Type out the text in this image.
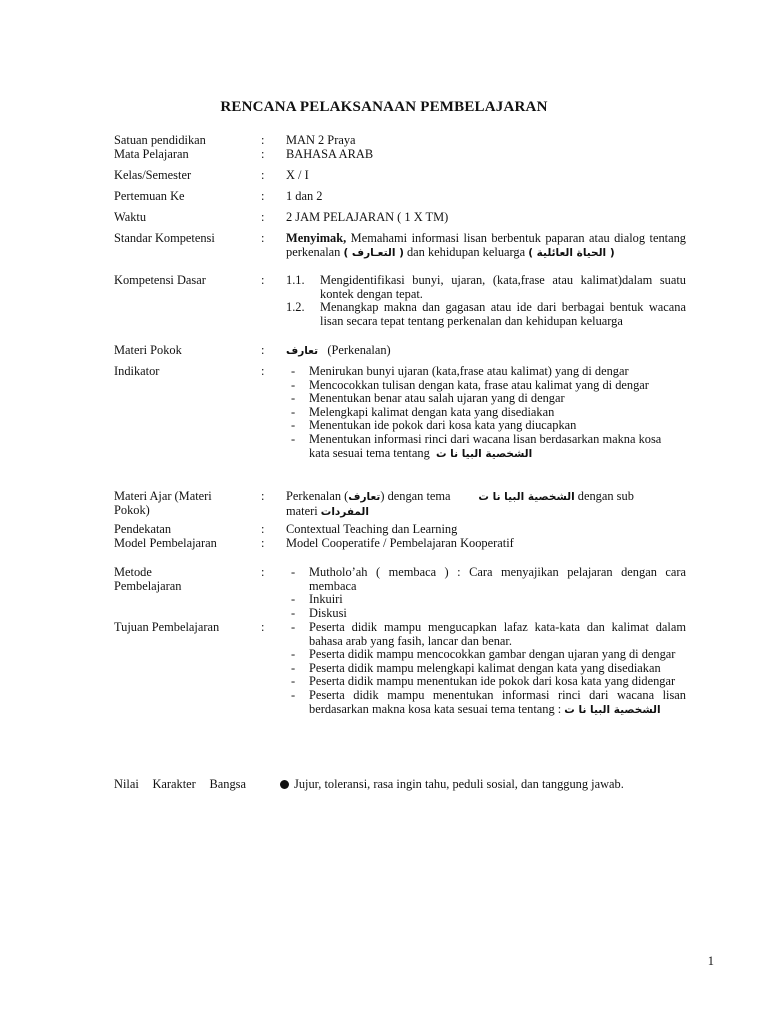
RENCANA PELAKSANAAN PEMBELAJARAN
Satuan pendidikan	: MAN 2 Praya
Mata Pelajaran	: BAHASA ARAB
Kelas/Semester	: X / I
Pertemuan Ke	: 1 dan 2
Waktu	: 2 JAM PELAJARAN ( 1 X TM)
Standar Kompetensi	: Menyimak, Memahami informasi lisan berbentuk paparan atau dialog tentang perkenalan ( التعـارف ) dan kehidupan keluarga ( الحياة العائلية )
Kompetensi Dasar	: 1.1. Mengidentifikasi bunyi, ujaran, (kata,frase atau kalimat)dalam suatu kontek dengan tepat.
1.2. Menangkap makna dan gagasan atau ide dari berbagai bentuk wacana lisan secara tepat tentang perkenalan dan kehidupan keluarga
Materi Pokok	: تعارف (Perkenalan)
Indikator	: - Menirukan bunyi ujaran (kata,frase atau kalimat) yang di dengar
- Mencocokkan tulisan dengan kata, frase atau kalimat yang di dengar
- Menentukan benar atau salah ujaran yang di dengar
- Melengkapi kalimat dengan kata yang disediakan
- Menentukan ide pokok dari kosa kata yang diucapkan
- Menentukan informasi rinci dari wacana lisan berdasarkan makna kosa kata sesuai tema tentang الشخصية البيا نا ت
Materi Ajar (Materi Pokok)
: Perkenalan (تعارف) dengan tema	الشخصية البيا نا ت dengan sub materi المفردات
Pendekatan	: Contextual Teaching dan Learning
Model Pembelajaran	: Model Cooperatife / Pembelajaran Kooperatif
Metode Pembelajaran
: - Mutholo’ah ( membaca ) : Cara menyajikan pelajaran dengan cara membaca
- Inkuiri
- Diskusi
Tujuan Pembelajaran	: - Peserta didik mampu mengucapkan lafaz kata-kata dan kalimat dalam bahasa arab yang fasih, lancar dan benar.
- Peserta didik mampu mencocokkan gambar dengan ujaran yang di dengar
- Peserta didik mampu melengkapi kalimat dengan kata yang disediakan
- Peserta didik mampu menentukan ide pokok dari kosa kata yang didengar
- Peserta didik mampu menentukan informasi rinci dari wacana lisan berdasarkan makna kosa kata sesuai tema tentang : الشخصية البيا نا ت
Nilai Karakter Bangsa	Jujur, toleransi, rasa ingin tahu, peduli sosial, dan tanggung jawab.
1
